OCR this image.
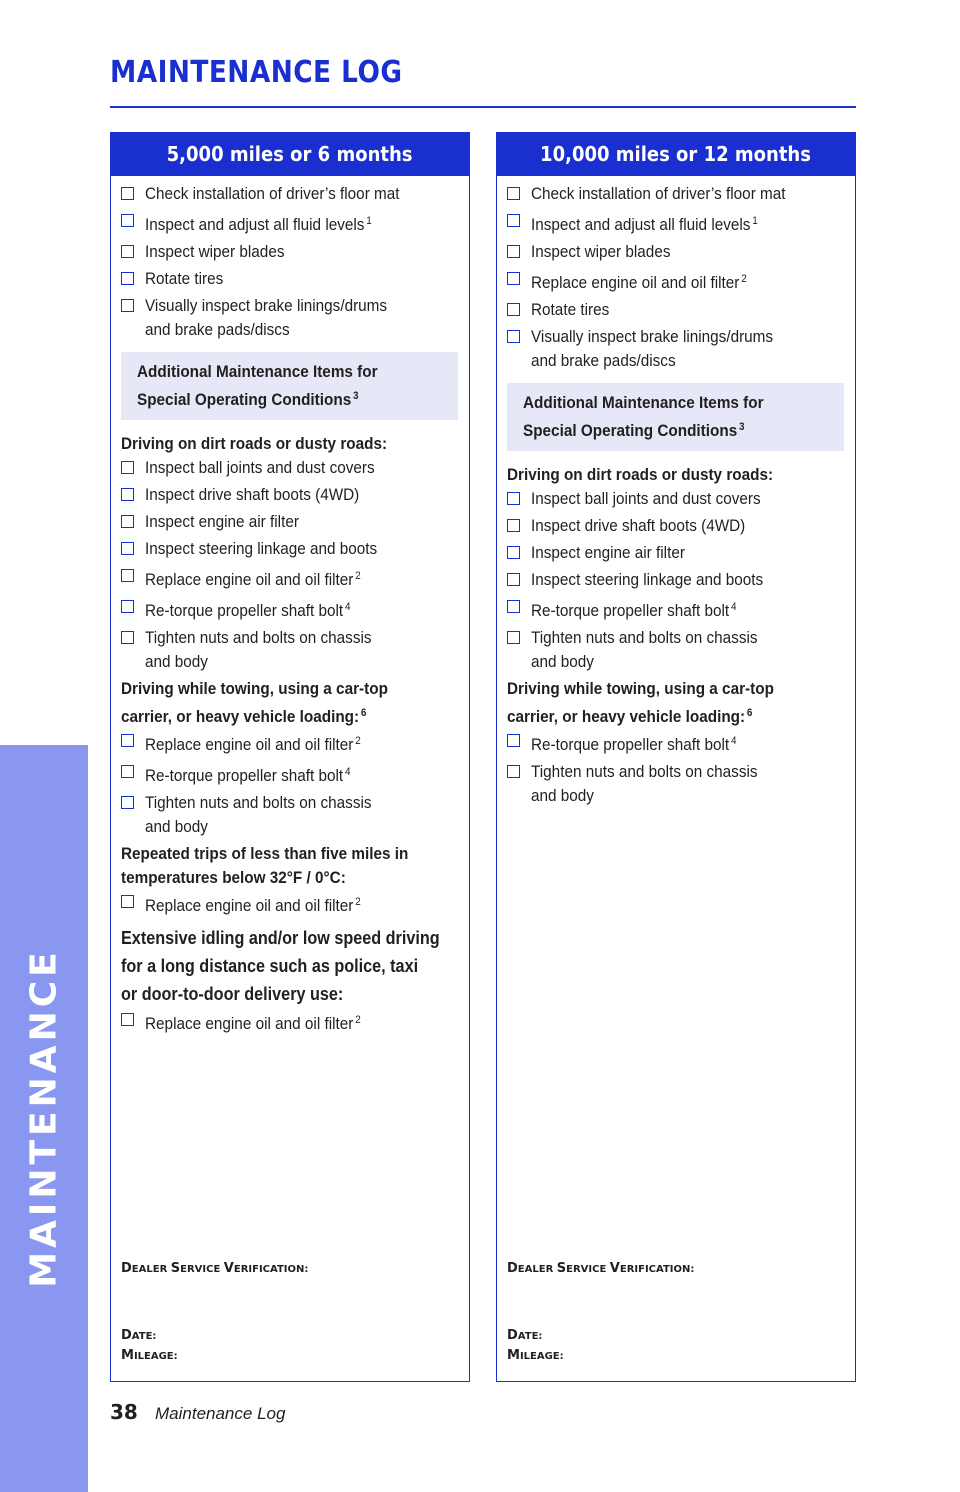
MAINTENANCE
MAINTENANCE LOG
5,000 miles or 6 months
Check installation of driver’s floor mat
Inspect and adjust all fluid levels $^1$
Inspect wiper blades
Rotate tires
Visually inspect brake linings/drums
and brake pads/discs
Additional Maintenance Items for
Special Operating Conditions $^3$
Driving on dirt roads or dusty roads:
Inspect ball joints and dust covers
Inspect drive shaft boots (4WD)
Inspect engine air filter
Inspect steering linkage and boots
Replace engine oil and oil filter $^2$
Re-torque propeller shaft bolt $^4$
Tighten nuts and bolts on chassis
and body
Driving while towing, using a car-top
carrier, or heavy vehicle loading: $^6$
Replace engine oil and oil filter $^2$
Re-torque propeller shaft bolt $^4$
Tighten nuts and bolts on chassis
and body
Repeated trips of less than five miles in
temperatures below 32°F / 0°C:
Replace engine oil and oil filter $^2$
Extensive idling and/or low speed driving
for a long distance such as police, taxi
or door-to-door delivery use:
Replace engine oil and oil filter $^2$
DEALER SERVICE VERIFICATION:
DATE:
MILEAGE:
10,000 miles or 12 months
Check installation of driver’s floor mat
Inspect and adjust all fluid levels $^1$
Inspect wiper blades
Replace engine oil and oil filter $^2$
Rotate tires
Visually inspect brake linings/drums
and brake pads/discs
Additional Maintenance Items for
Special Operating Conditions $^3$
Driving on dirt roads or dusty roads:
Inspect ball joints and dust covers
Inspect drive shaft boots (4WD)
Inspect engine air filter
Inspect steering linkage and boots
Re-torque propeller shaft bolt $^4$
Tighten nuts and bolts on chassis
and body
Driving while towing, using a car-top
carrier, or heavy vehicle loading: $^6$
Re-torque propeller shaft bolt $^4$
Tighten nuts and bolts on chassis
and body
DEALER SERVICE VERIFICATION:
DATE:
MILEAGE:
38 Maintenance Log
